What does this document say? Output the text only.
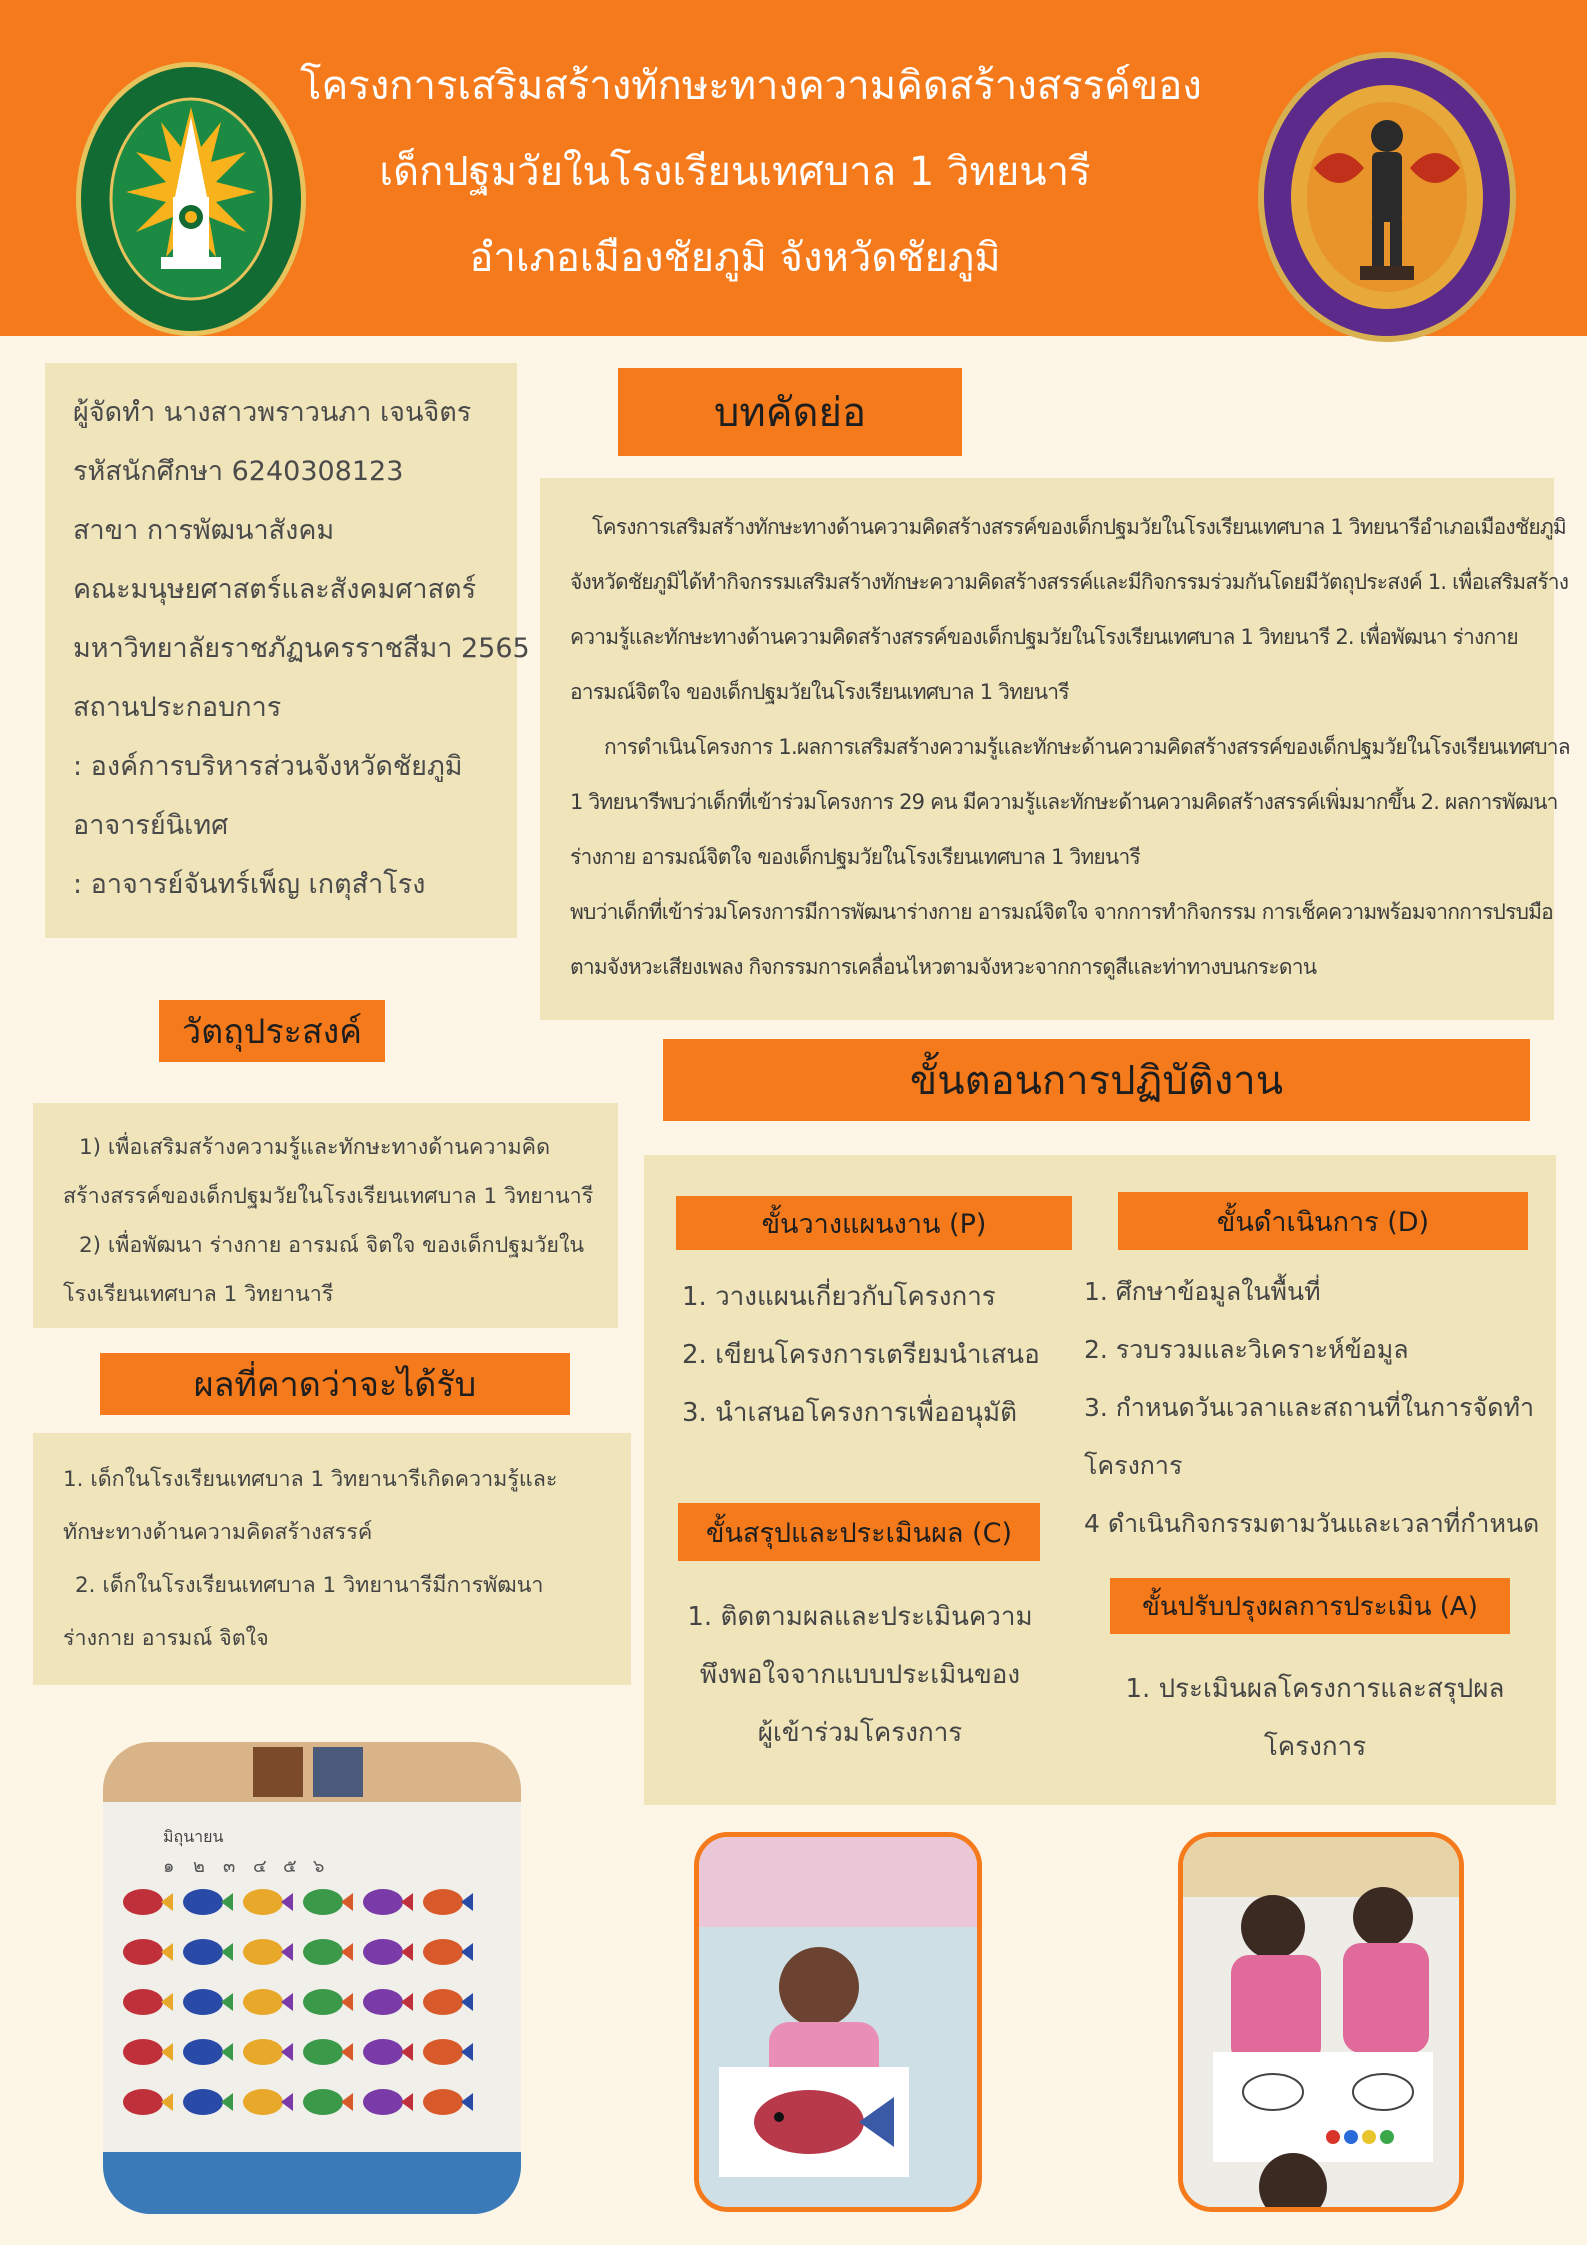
โครงการเสริมสร้างทักษะทางความคิดสร้างสรรค์ของ
เด็กปฐมวัยในโรงเรียนเทศบาล 1 วิทยนารี
อำเภอเมืองชัยภูมิ จังหวัดชัยภูมิ
ผู้จัดทำ นางสาวพราวนภา เจนจิตร
รหัสนักศึกษา 6240308123
สาขา การพัฒนาสังคม
คณะมนุษยศาสตร์และสังคมศาสตร์
มหาวิทยาลัยราชภัฏนครราชสีมา 2565
สถานประกอบการ
: องค์การบริหารส่วนจังหวัดชัยภูมิ
อาจารย์นิเทศ
: อาจารย์จันทร์เพ็ญ เกตุสำโรง
บทคัดย่อ
โครงการเสริมสร้างทักษะทางด้านความคิดสร้างสรรค์ของเด็กปฐมวัยในโรงเรียนเทศบาล 1 วิทยนารีอำเภอเมืองชัยภูมิ
จังหวัดชัยภูมิได้ทำกิจกรรมเสริมสร้างทักษะความคิดสร้างสรรค์และมีกิจกรรมร่วมกันโดยมีวัตถุประสงค์ 1. เพื่อเสริมสร้าง
ความรู้และทักษะทางด้านความคิดสร้างสรรค์ของเด็กปฐมวัยในโรงเรียนเทศบาล 1 วิทยนารี 2. เพื่อพัฒนา ร่างกาย
อารมณ์จิตใจ ของเด็กปฐมวัยในโรงเรียนเทศบาล 1 วิทยนารี
การดำเนินโครงการ 1.ผลการเสริมสร้างความรู้และทักษะด้านความคิดสร้างสรรค์ของเด็กปฐมวัยในโรงเรียนเทศบาล
1 วิทยนารีพบว่าเด็กที่เข้าร่วมโครงการ 29 คน มีความรู้และทักษะด้านความคิดสร้างสรรค์เพิ่มมากขึ้น 2. ผลการพัฒนา
ร่างกาย อารมณ์จิตใจ ของเด็กปฐมวัยในโรงเรียนเทศบาล 1 วิทยนารี
พบว่าเด็กที่เข้าร่วมโครงการมีการพัฒนาร่างกาย อารมณ์จิตใจ จากการทำกิจกรรม การเช็คความพร้อมจากการปรบมือ
ตามจังหวะเสียงเพลง กิจกรรมการเคลื่อนไหวตามจังหวะจากการดูสีและท่าทางบนกระดาน
วัตถุประสงค์
1) เพื่อเสริมสร้างความรู้และทักษะทางด้านความคิด
สร้างสรรค์ของเด็กปฐมวัยในโรงเรียนเทศบาล 1 วิทยานารี
2) เพื่อพัฒนา ร่างกาย อารมณ์ จิตใจ ของเด็กปฐมวัยใน
โรงเรียนเทศบาล 1 วิทยานารี
ผลที่คาดว่าจะได้รับ
1. เด็กในโรงเรียนเทศบาล 1 วิทยานารีเกิดความรู้และ
ทักษะทางด้านความคิดสร้างสรรค์
2. เด็กในโรงเรียนเทศบาล 1 วิทยานารีมีการพัฒนา
ร่างกาย อารมณ์ จิตใจ
ขั้นตอนการปฏิบัติงาน
ขั้นวางแผนงาน (P)
1. วางแผนเกี่ยวกับโครงการ
2. เขียนโครงการเตรียมนำเสนอ
3. นำเสนอโครงการเพื่ออนุมัติ
ขั้นดำเนินการ (D)
1. ศึกษาข้อมูลในพื้นที่
2. รวบรวมและวิเคราะห์ข้อมูล
3. กำหนดวันเวลาและสถานที่ในการจัดทำ
โครงการ
4 ดำเนินกิจกรรมตามวันและเวลาที่กำหนด
ขั้นสรุปและประเมินผล (C)
1. ติดตามผลและประเมินความ
พึงพอใจจากแบบประเมินของ
ผู้เข้าร่วมโครงการ
ขั้นปรับปรุงผลการประเมิน (A)
1. ประเมินผลโครงการและสรุปผล
โครงการ
มิถุนายน
๑ ๒ ๓ ๔ ๕ ๖
